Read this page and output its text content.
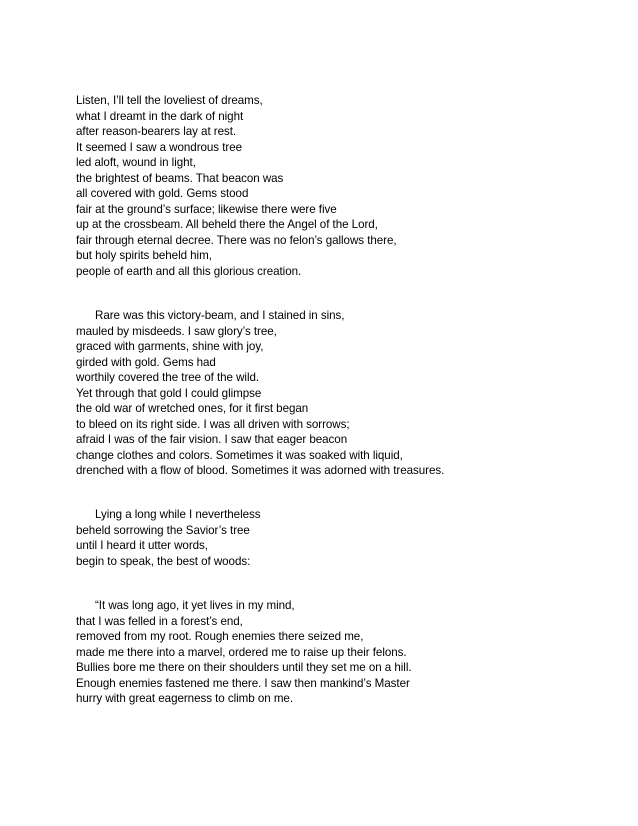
Listen, I’ll tell the loveliest of dreams,
what I dreamt in the dark of night
after reason-bearers lay at rest.
It seemed I saw a wondrous tree
led aloft, wound in light,
the brightest of beams. That beacon was
all covered with gold. Gems stood
fair at the ground’s surface; likewise there were five
up at the crossbeam. All beheld there the Angel of the Lord,
fair through eternal decree. There was no felon’s gallows there,
but holy spirits beheld him,
people of earth and all this glorious creation.
Rare was this victory-beam, and I stained in sins,
mauled by misdeeds. I saw glory’s tree,
graced with garments, shine with joy,
girded with gold. Gems had
worthily covered the tree of the wild.
Yet through that gold I could glimpse
the old war of wretched ones, for it first began
to bleed on its right side. I was all driven with sorrows;
afraid I was of the fair vision. I saw that eager beacon
change clothes and colors. Sometimes it was soaked with liquid,
drenched with a flow of blood. Sometimes it was adorned with treasures.
Lying a long while I nevertheless
beheld sorrowing the Savior’s tree
until I heard it utter words,
begin to speak, the best of woods:
“It was long ago, it yet lives in my mind,
that I was felled in a forest’s end,
removed from my root. Rough enemies there seized me,
made me there into a marvel, ordered me to raise up their felons.
Bullies bore me there on their shoulders until they set me on a hill.
Enough enemies fastened me there. I saw then mankind’s Master
hurry with great eagerness to climb on me.
